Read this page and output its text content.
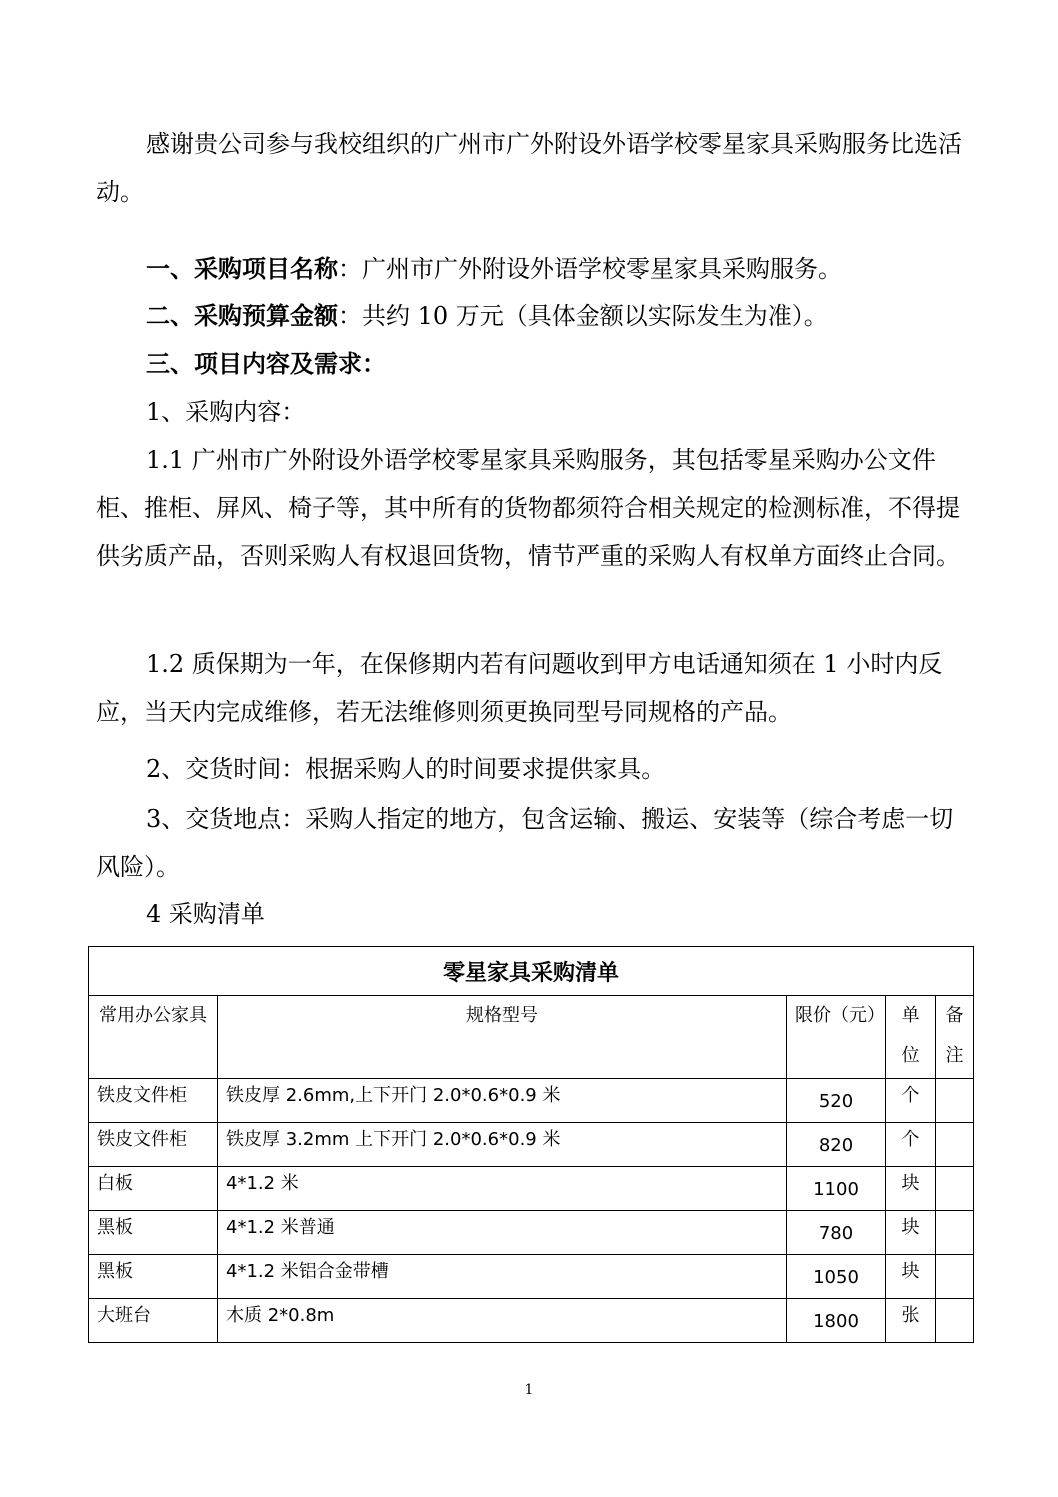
感谢贵公司参与我校组织的广州市广外附设外语学校零星家具采购服务比选活动。

一、采购项目名称：广州市广外附设外语学校零星家具采购服务。

二、采购预算金额：共约 10 万元（具体金额以实际发生为准）。

三、项目内容及需求：

1、采购内容：

1.1 广州市广外附设外语学校零星家具采购服务，其包括零星采购办公文件柜、推柜、屏风、椅子等，其中所有的货物都须符合相关规定的检测标准，不得提供劣质产品，否则采购人有权退回货物，情节严重的采购人有权单方面终止合同。

1.2 质保期为一年，在保修期内若有问题收到甲方电话通知须在 1 小时内反应，当天内完成维修，若无法维修则须更换同型号同规格的产品。

2、交货时间：根据采购人的时间要求提供家具。

3、交货地点：采购人指定的地方，包含运输、搬运、安装等（综合考虑一切风险）。

4 采购清单

零星家具采购清单				
常用办公家具	规格型号	限价（元）	单位	备注
铁皮文件柜	铁皮厚 2.6mm,上下开门 2.0*0.6*0.9 米	520	个	
铁皮文件柜	铁皮厚 3.2mm 上下开门 2.0*0.6*0.9 米	820	个	
白板	4*1.2 米	1100	块	
黑板	4*1.2 米普通	780	块	
黑板	4*1.2 米铝合金带槽	1050	块	
大班台	木质 2*0.8m	1800	张	
1
